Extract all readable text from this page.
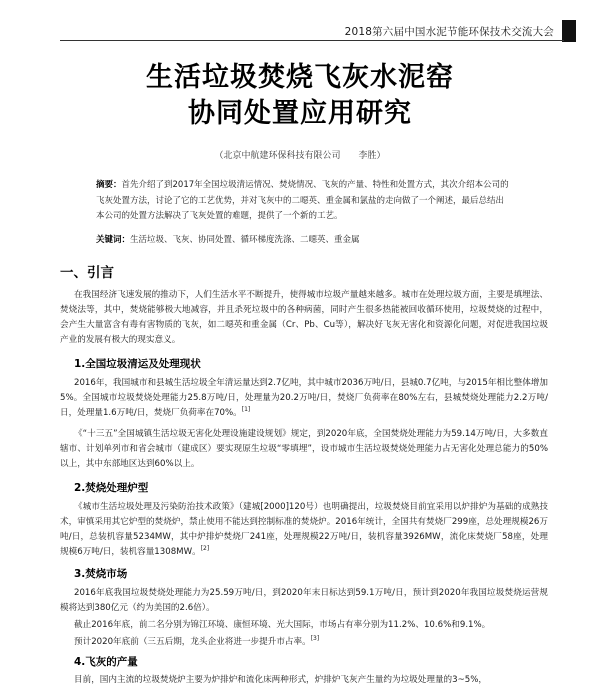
2018第六届中国水泥节能环保技术交流大会
生活垃圾焚烧飞灰水泥窑
协同处置应用研究
（北京中航建环保科技有限公司　　李胜）
摘要：首先介绍了到2017年全国垃圾清运情况、焚烧情况、飞灰的产量、特性和处置方式，其次介绍本公司的飞灰处置方法，讨论了它的工艺优势，并对飞灰中的二噁英、重金属和氯盐的走向做了一个阐述，最后总结出本公司的处置方法解决了飞灰处置的难题，提供了一个新的工艺。
关键词：生活垃圾、飞灰、协同处置、循环梯度洗涤、二噁英、重金属
一、引言
在我国经济飞速发展的推动下，人们生活水平不断提升，使得城市垃圾产量越来越多。城市在处理垃圾方面，主要是填埋法、焚烧法等，其中，焚烧能够极大地减容，并且杀死垃圾中的各种病菌，同时产生很多热能被回收循环使用，垃圾焚烧的过程中，会产生大量富含有毒有害物质的飞灰，如二噁英和重金属（Cr、Pb、Cu等），解决好飞灰无害化和资源化问题，对促进我国垃圾产业的发展有极大的现实意义。
1.全国垃圾清运及处理现状
2016年，我国城市和县城生活垃圾全年清运量达到2.7亿吨，其中城市2036万吨/日，县城0.7亿吨，与2015年相比整体增加5%。全国城市垃圾焚烧处理能力25.8万吨/日，处理量为20.2万吨/日，焚烧厂负荷率在80%左右，县城焚烧处理能力2.2万吨/日，处理量1.6万吨/日，焚烧厂负荷率在70%。[1]
《“十三五”全国城镇生活垃圾无害化处理设施建设规划》规定，到2020年底，全国焚烧处理能力为59.14万吨/日，大多数直辖市、计划单列市和省会城市（建成区）要实现原生垃圾“零填埋”，设市城市生活垃圾焚烧处理能力占无害化处理总能力的50%以上，其中东部地区达到60%以上。
2.焚烧处理炉型
《城市生活垃圾处理及污染防治技术政策》（建城[2000]120号）也明确提出，垃圾焚烧目前宜采用以炉排炉为基础的成熟技术，审慎采用其它炉型的焚烧炉，禁止使用不能达到控制标准的焚烧炉。2016年统计，全国共有焚烧厂299座，总处理规模26万吨/日，总装机容量5234MW，其中炉排炉焚烧厂241座，处理规模22万吨/日，装机容量3926MW，流化床焚烧厂58座，处理规模6万吨/日，装机容量1308MW。[2]
3.焚烧市场
2016年底我国垃圾焚烧处理能力为25.59万吨/日，到2020年末日标达到59.1万吨/日，预计到2020年我国垃圾焚烧运营规模将达到380亿元（约为美国的2.6倍）。
截止2016年底，前二名分别为锦江环境、康恒环境、光大国际，市场占有率分别为11.2%、10.6%和9.1%。
预计2020年底前（三五后期，龙头企业将进一步提升市占率。[3]
4.飞灰的产量
目前，国内主流的垃圾焚烧炉主要为炉排炉和流化床两种形式，炉排炉飞灰产生量约为垃圾处理量的3~5%，
